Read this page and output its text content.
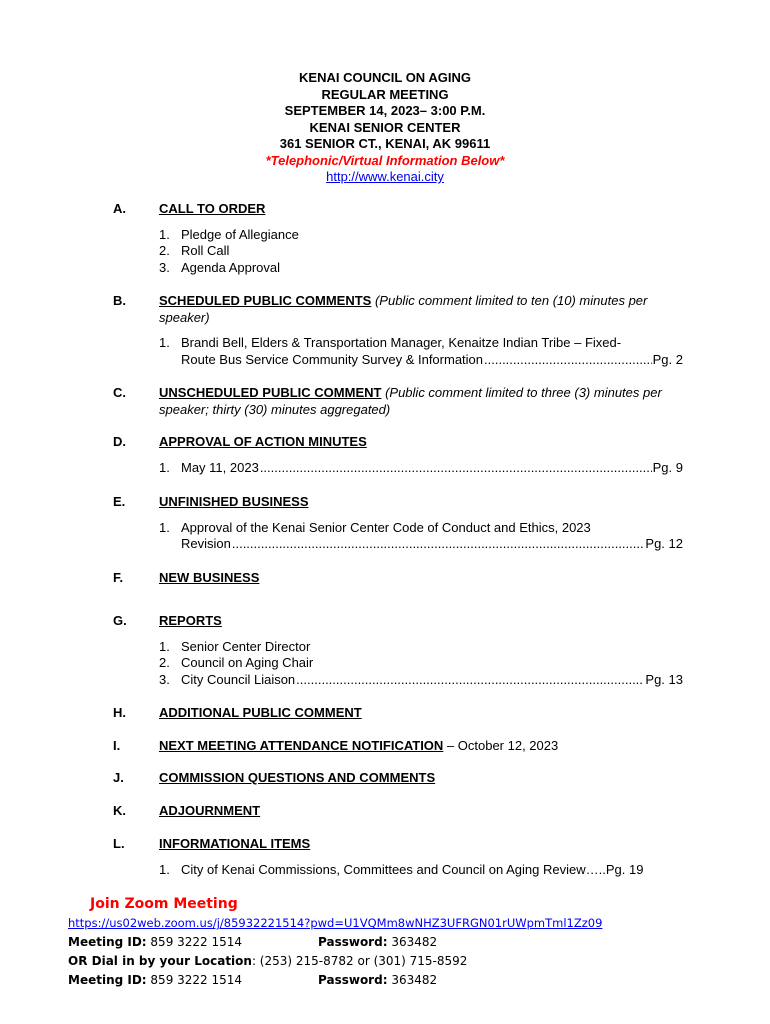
KENAI COUNCIL ON AGING
REGULAR MEETING
SEPTEMBER 14, 2023– 3:00 P.M.
KENAI SENIOR CENTER
361 SENIOR CT., KENAI, AK 99611
*Telephonic/Virtual Information Below*
http://www.kenai.city
A.	CALL TO ORDER
1. Pledge of Allegiance
2. Roll Call
3. Agenda Approval
B.	SCHEDULED PUBLIC COMMENTS (Public comment limited to ten (10) minutes per speaker)
1. Brandi Bell, Elders & Transportation Manager, Kenaitze Indian Tribe – Fixed-
Route Bus Service Community Survey & Information .....	Pg. 2
C.	UNSCHEDULED PUBLIC COMMENT (Public comment limited to three (3) minutes per speaker; thirty (30) minutes aggregated)
D.	APPROVAL OF ACTION MINUTES
1. May 11, 2023 .....	Pg. 9
E.	UNFINISHED BUSINESS
1. Approval of the Kenai Senior Center Code of Conduct and Ethics, 2023
Revision .....	Pg. 12
F.	NEW BUSINESS
G. REPORTS
1. Senior Center Director
2. Council on Aging Chair
3. City Council Liaison .....	Pg. 13
H.	ADDITIONAL PUBLIC COMMENT
I.	NEXT MEETING ATTENDANCE NOTIFICATION – October 12, 2023
J.	COMMISSION QUESTIONS AND COMMENTS
K.	ADJOURNMENT
L.	INFORMATIONAL ITEMS
1. City of Kenai Commissions, Committees and Council on Aging Review…..Pg. 19
Join Zoom Meeting
https://us02web.zoom.us/j/85932221514?pwd=U1VQMm8wNHZ3UFRGN01rUWpmTml1Zz09
Meeting ID: 859 3222 1514	Password: 363482
OR Dial in by your Location: (253) 215-8782 or (301) 715-8592
Meeting ID: 859 3222 1514	Password: 363482
